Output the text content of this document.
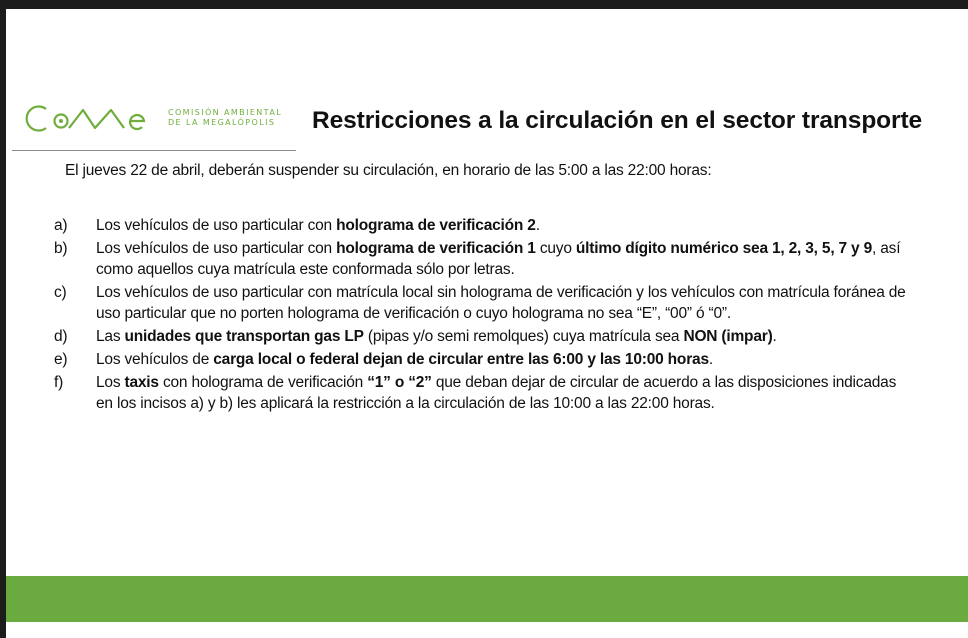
COMISIÓN AMBIENTAL
DE LA MEGALÓPOLIS Restricciones a la circulación en el sector transporte
El jueves 22 de abril, deberán suspender su circulación, en horario de las 5:00 a las 22:00 horas:
a)	Los vehículos de uso particular con holograma de verificación 2.
b)	Los vehículos de uso particular con holograma de verificación 1 cuyo último dígito numérico sea 1, 2, 3, 5, 7 y 9, así como aquellos cuya matrícula este conformada sólo por letras.
c)	Los vehículos de uso particular con matrícula local sin holograma de verificación y los vehículos con matrícula foránea de uso particular que no porten holograma de verificación o cuyo holograma no sea “E”, “00” ó “0”.
d)	Las unidades que transportan gas LP (pipas y/o semi remolques) cuya matrícula sea NON (impar).
e)	Los vehículos de carga local o federal dejan de circular entre las 6:00 y las 10:00 horas.
f)	Los taxis con holograma de verificación “1” o “2” que deban dejar de circular de acuerdo a las disposiciones indicadas en los incisos a) y b) les aplicará la restricción a la circulación de las 10:00 a las 22:00 horas.
